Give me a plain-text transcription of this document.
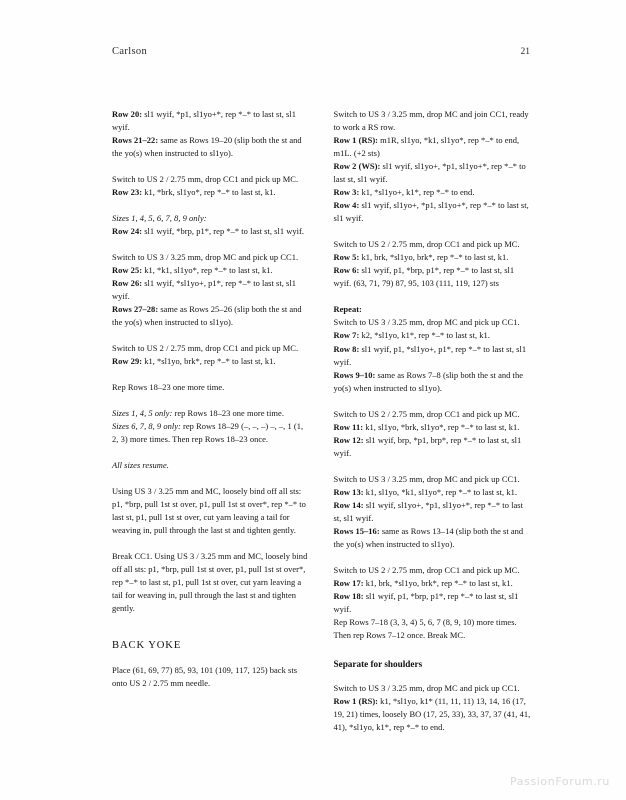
Carlson	21

Row 20: sl1 wyif, *p1, sl1yo+*, rep *–* to last st, sl1 wyif.

Rows 21–22: same as Rows 19–20 (slip both the st and the yo(s) when instructed to sl1yo).

Switch to US 2 / 2.75 mm, drop CC1 and pick up MC.

Row 23: k1, *brk, sl1yo*, rep *–* to last st, k1.

Sizes 1, 4, 5, 6, 7, 8, 9 only:

Row 24: sl1 wyif, *brp, p1*, rep *–* to last st, sl1 wyif.

Switch to US 3 / 3.25 mm, drop MC and pick up CC1.

Row 25: k1, *k1, sl1yo*, rep *–* to last st, k1.

Row 26: sl1 wyif, *sl1yo+, p1*, rep *–* to last st, sl1 wyif.

Rows 27–28: same as Rows 25–26 (slip both the st and the yo(s) when instructed to sl1yo).

Switch to US 2 / 2.75 mm, drop CC1 and pick up MC.

Row 29: k1, *sl1yo, brk*, rep *–* to last st, k1.

Rep Rows 18–23 one more time.

Sizes 1, 4, 5 only: rep Rows 18–23 one more time.

Sizes 6, 7, 8, 9 only: rep Rows 18–29 (–, –, –) –, –, 1 (1, 2, 3) more times. Then rep Rows 18–23 once.

All sizes resume.

Using US 3 / 3.25 mm and MC, loosely bind off all sts: p1, *brp, pull 1st st over, p1, pull 1st st over*, rep *–* to last st, p1, pull 1st st over, cut yarn leaving a tail for weaving in, pull through the last st and tighten gently.

Break CC1. Using US 3 / 3.25 mm and MC, loosely bind off all sts: p1, *brp, pull 1st st over, p1, pull 1st st over*, rep *–* to last st, p1, pull 1st st over, cut yarn leaving a tail for weaving in, pull through the last st and tighten gently.

BACK YOKE

Place (61, 69, 77) 85, 93, 101 (109, 117, 125) back sts onto US 2 / 2.75 mm needle.

Switch to US 3 / 3.25 mm, drop MC and join CC1, ready to work a RS row.

Row 1 (RS): m1R, sl1yo, *k1, sl1yo*, rep *–* to end, m1L. (+2 sts)

Row 2 (WS): sl1 wyif, sl1yo+, *p1, sl1yo+*, rep *–* to last st, sl1 wyif.

Row 3: k1, *sl1yo+, k1*, rep *–* to end.

Row 4: sl1 wyif, sl1yo+, *p1, sl1yo+*, rep *–* to last st, sl1 wyif.

Switch to US 2 / 2.75 mm, drop CC1 and pick up MC.

Row 5: k1, brk, *sl1yo, brk*, rep *–* to last st, k1.

Row 6: sl1 wyif, p1, *brp, p1*, rep *–* to last st, sl1 wyif. (63, 71, 79) 87, 95, 103 (111, 119, 127) sts

Repeat:

Switch to US 3 / 3.25 mm, drop MC and pick up CC1.

Row 7: k2, *sl1yo, k1*, rep *–* to last st, k1.

Row 8: sl1 wyif, p1, *sl1yo+, p1*, rep *–* to last st, sl1 wyif.

Rows 9–10: same as Rows 7–8 (slip both the st and the yo(s) when instructed to sl1yo).

Switch to US 2 / 2.75 mm, drop CC1 and pick up MC.

Row 11: k1, sl1yo, *brk, sl1yo*, rep *–* to last st, k1.

Row 12: sl1 wyif, brp, *p1, brp*, rep *–* to last st, sl1 wyif.

Switch to US 3 / 3.25 mm, drop MC and pick up CC1.

Row 13: k1, sl1yo, *k1, sl1yo*, rep *–* to last st, k1.

Row 14: sl1 wyif, sl1yo+, *p1, sl1yo+*, rep *–* to last st, sl1 wyif.

Rows 15–16: same as Rows 13–14 (slip both the st and the yo(s) when instructed to sl1yo).

Switch to US 2 / 2.75 mm, drop CC1 and pick up MC.

Row 17: k1, brk, *sl1yo, brk*, rep *–* to last st, k1.

Row 18: sl1 wyif, p1, *brp, p1*, rep *–* to last st, sl1 wyif.

Rep Rows 7–18 (3, 3, 4) 5, 6, 7 (8, 9, 10) more times. Then rep Rows 7–12 once. Break MC.

Separate for shoulders

Switch to US 3 / 3.25 mm, drop MC and pick up CC1.

Row 1 (RS): k1, *sl1yo, k1* (11, 11, 11) 13, 14, 16 (17, 19, 21) times, loosely BO (17, 25, 33), 33, 37, 37 (41, 41, 41), *sl1yo, k1*, rep *–* to end.

PassionForum.ru
